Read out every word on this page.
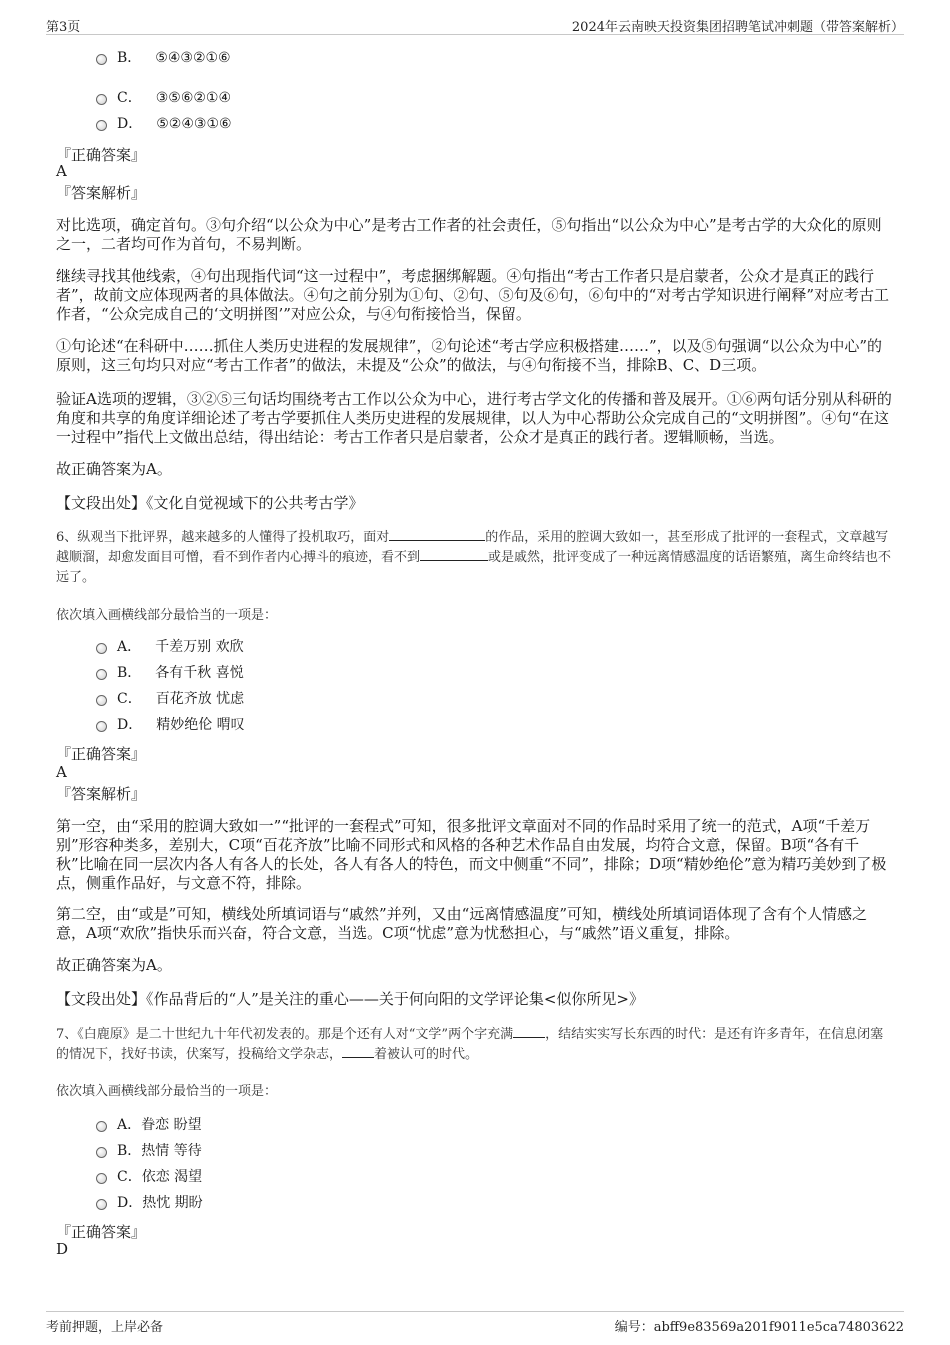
第3页	2024年云南映天投资集团招聘笔试冲刺题（带答案解析）
B． ⑤④③②①⑥
C． ③⑤⑥②①④
D． ⑤②④③①⑥
『正确答案』
A
『答案解析』
对比选项，确定首句。③句介绍“以公众为中心”是考古工作者的社会责任，⑤句指出“以公众为中心”是考古学的大众化的原则之一，二者均可作为首句，不易判断。
继续寻找其他线索，④句出现指代词“这一过程中”，考虑捆绑解题。④句指出“考古工作者只是启蒙者，公众才是真正的践行者”，故前文应体现两者的具体做法。④句之前分别为①句、②句、⑤句及⑥句，⑥句中的“对考古学知识进行阐释”对应考古工作者，“公众完成自己的‘文明拼图’”对应公众，与④句衔接恰当，保留。
①句论述“在科研中……抓住人类历史进程的发展规律”，②句论述“考古学应积极搭建……”，以及⑤句强调“以公众为中心”的原则，这三句均只对应“考古工作者”的做法，未提及“公众”的做法，与④句衔接不当，排除B、C、D三项。
验证A选项的逻辑，③②⑤三句话均围绕考古工作以公众为中心，进行考古学文化的传播和普及展开。①⑥两句话分别从科研的角度和共享的角度详细论述了考古学要抓住人类历史进程的发展规律，以人为中心帮助公众完成自己的“文明拼图”。④句“在这一过程中”指代上文做出总结，得出结论：考古工作者只是启蒙者，公众才是真正的践行者。逻辑顺畅，当选。
故正确答案为A。
【文段出处】《文化自觉视域下的公共考古学》
6、纵观当下批评界，越来越多的人懂得了投机取巧，面对	的作品，采用的腔调大致如一，甚至形成了批评的一套程式，文章越写越顺溜，却愈发面目可憎，看不到作者内心搏斗的痕迹，看不到	或是戚然，批评变成了一种远离情感温度的话语繁殖，离生命终结也不远了。
依次填入画横线部分最恰当的一项是：
A． 千差万别 欢欣
B． 各有千秋 喜悦
C． 百花齐放 忧虑
D． 精妙绝伦 喟叹
『正确答案』
A
『答案解析』
第一空，由“采用的腔调大致如一”“批评的一套程式”可知，很多批评文章面对不同的作品时采用了统一的范式，A项“千差万别”形容种类多，差别大，C项“百花齐放”比喻不同形式和风格的各种艺术作品自由发展，均符合文意，保留。B项“各有千秋”比喻在同一层次内各人有各人的长处，各人有各人的特色，而文中侧重“不同”，排除；D项“精妙绝伦”意为精巧美妙到了极点，侧重作品好，与文意不符，排除。
第二空，由“或是”可知，横线处所填词语与“戚然”并列，又由“远离情感温度”可知，横线处所填词语体现了含有个人情感之意，A项“欢欣”指快乐而兴奋，符合文意，当选。C项“忧虑”意为忧愁担心，与“戚然”语义重复，排除。
故正确答案为A。
【文段出处】《作品背后的“人”是关注的重心——关于何向阳的文学评论集<似你所见>》
7、《白鹿原》是二十世纪九十年代初发表的。那是个还有人对“文学”两个字充满 ，结结实实写长东西的时代：是还有许多青年，在信息闭塞的情况下，找好书读，伏案写，投稿给文学杂志， 着被认可的时代。
依次填入画横线部分最恰当的一项是：
A．眷恋 盼望
B．热情 等待
C．依恋 渴望
D．热忱 期盼
『正确答案』
D
考前押题，上岸必备	编号：abff9e83569a201f9011e5ca74803622
